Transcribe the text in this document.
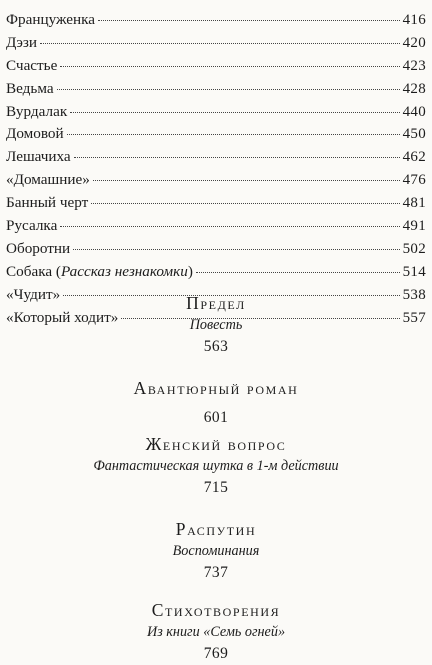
Француженка	416
Дэзи	420
Счастье	423
Ведьма	428
Вурдалак	440
Домовой	450
Лешачиха	462
«Домашние»	476
Банный черт	481
Русалка	491
Оборотни	502
Собака (Рассказ незнакомки)	514
«Чудит»	538
«Который ходит»	557
Предел
Повесть
563
Авантюрный роман
601
Женский вопрос
Фантастическая шутка в 1-м действии
715
Распутин
Воспоминания
737
Стихотворения
Из книги «Семь огней»
769
